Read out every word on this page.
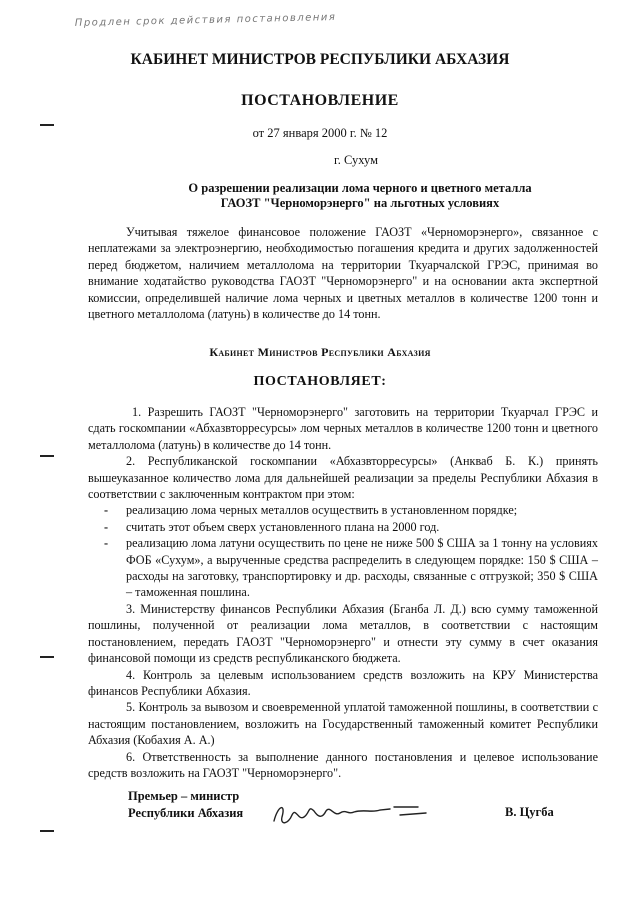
Продлен срок действия постановления
КАБИНЕТ МИНИСТРОВ РЕСПУБЛИКИ АБХАЗИЯ
ПОСТАНОВЛЕНИЕ
от 27 января 2000 г. № 12
г. Сухум
О разрешении реализации лома черного и цветного металла
ГАОЗТ "Черноморэнерго" на льготных условиях
Учитывая тяжелое финансовое положение ГАОЗТ «Черноморэнерго», связанное с неплатежами за электроэнергию, необходимостью погашения кредита и других задолженностей перед бюджетом, наличием металлолома на территории Ткуарчалской ГРЭС, принимая во внимание ходатайство руководства ГАОЗТ "Черноморэнерго" и на основании акта экспертной комиссии, определившей наличие лома черных и цветных металлов в количестве 1200 тонн и цветного металлолома (латунь) в количестве до 14 тонн.
Кабинет Министров Республики Абхазия
ПОСТАНОВЛЯЕТ:
1. Разрешить ГАОЗТ "Черноморэнерго" заготовить на территории Ткуарчал ГРЭС и сдать госкомпании «Абхазвторресурсы» лом черных металлов в количестве 1200 тонн и цветного металлолома (латунь) в количестве до 14 тонн.
2. Республиканской госкомпании «Абхазвторресурсы» (Анкваб Б. К.) принять вышеуказанное количество лома для дальнейшей реализации за пределы Республики Абхазия в соответствии с заключенным контрактом при этом:
- реализацию лома черных металлов осуществить в установленном порядке;
- считать этот объем сверх установленного плана на 2000 год.
- реализацию лома латуни осуществить по цене не ниже 500 $ США за 1 тонну на условиях ФОБ «Сухум», а вырученные средства распределить в следующем порядке: 150 $ США – расходы на заготовку, транспортировку и др. расходы, связанные с отгрузкой; 350 $ США – таможенная пошлина.
3. Министерству финансов Республики Абхазия (Бганба Л. Д.) всю сумму таможенной пошлины, полученной от реализации лома металлов, в соответствии с настоящим постановлением, передать ГАОЗТ "Черноморэнерго" и отнести эту сумму в счет оказания финансовой помощи из средств республиканского бюджета.
4. Контроль за целевым использованием средств возложить на КРУ Министерства финансов Республики Абхазия.
5. Контроль за вывозом и своевременной уплатой таможенной пошлины, в соответствии с настоящим постановлением, возложить на Государственный таможенный комитет Республики Абхазия (Кобахия А. А.)
6. Ответственность за выполнение данного постановления и целевое использование средств возложить на ГАОЗТ "Черноморэнерго".
Премьер – министр
Республики Абхазия	В. Цугба
